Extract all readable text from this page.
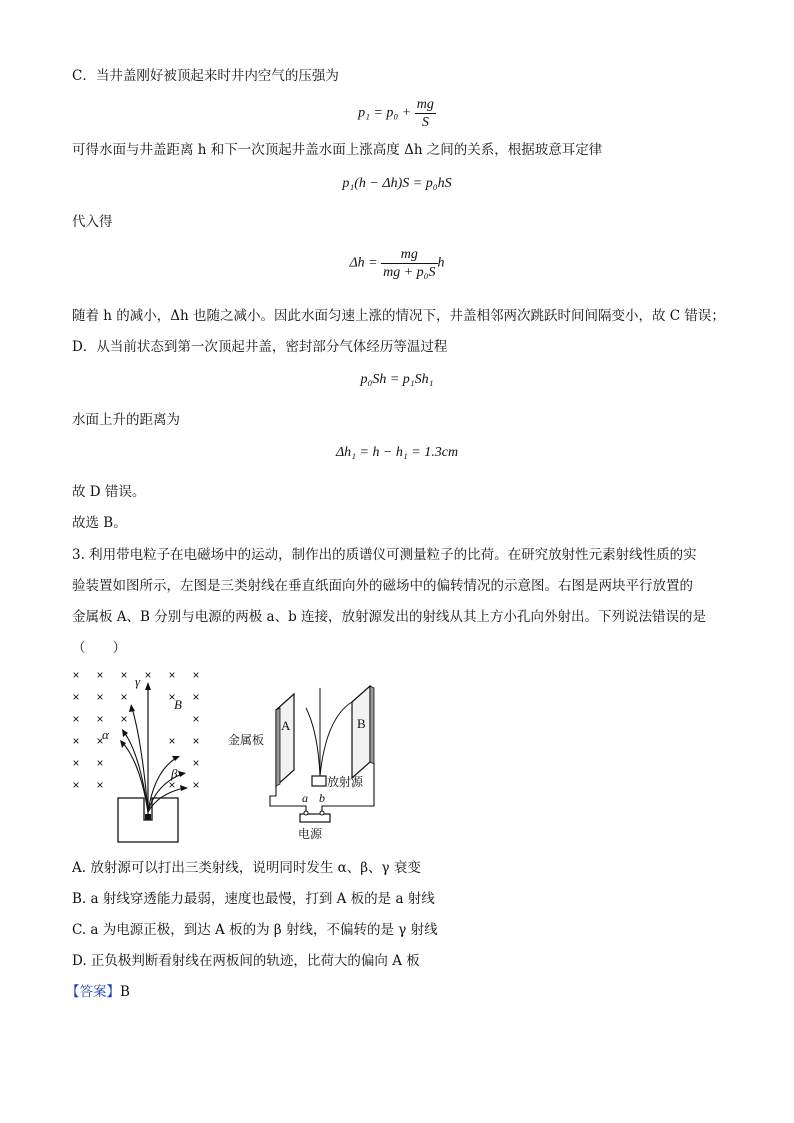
C．当井盖刚好被顶起来时井内空气的压强为
$p_1 = p_0 + \frac{mg}{S}$
可得水面与井盖距离 h 和下一次顶起井盖水面上涨高度 Δh 之间的关系，根据玻意耳定律
p₁(h − Δh)S = p₀hS
代入得
$\Delta h = \frac{mg}{\text{mg + p₀S}}$ h
随着 h 的减小，Δh 也随之减小。因此水面匀速上涨的情况下，井盖相邻两次跳跃时间间隔变小，故 C 错误；
D．从当前状态到第一次顶起井盖，密封部分气体经历等温过程
p₀Sh = p₁Sh₁
水面上升的距离为
Δh₁ = h − h₁ = 1.3cm
故 D 错误。
故选 B。
3. 利用带电粒子在电磁场中的运动，制作出的质谱仪可测量粒子的比荷。在研究放射性元素射线性质的实
验装置如图所示，左图是三类射线在垂直纸面向外的磁场中的偏转情况的示意图。右图是两块平行放置的
金属板 A、B 分别与电源的两极 a、b 连接，放射源发出的射线从其上方小孔向外射出。下列说法错误的是
（　　）
× × × × × ×
× × ×	× ×
× × ×	×
× ×	× ×
× ×	×
× ×	× ×
γ
α
B
β
A	B
a b
金属板
放射源
电源
A. 放射源可以打出三类射线，说明同时发生 α、β、γ 衰变
B. a 射线穿透能力最弱，速度也最慢，打到 A 板的是 a 射线
C. a 为电源正极，到达 A 板的为 β 射线，不偏转的是 γ 射线
D. 正负极判断看射线在两板间的轨迹，比荷大的偏向 A 板
【答案】B
